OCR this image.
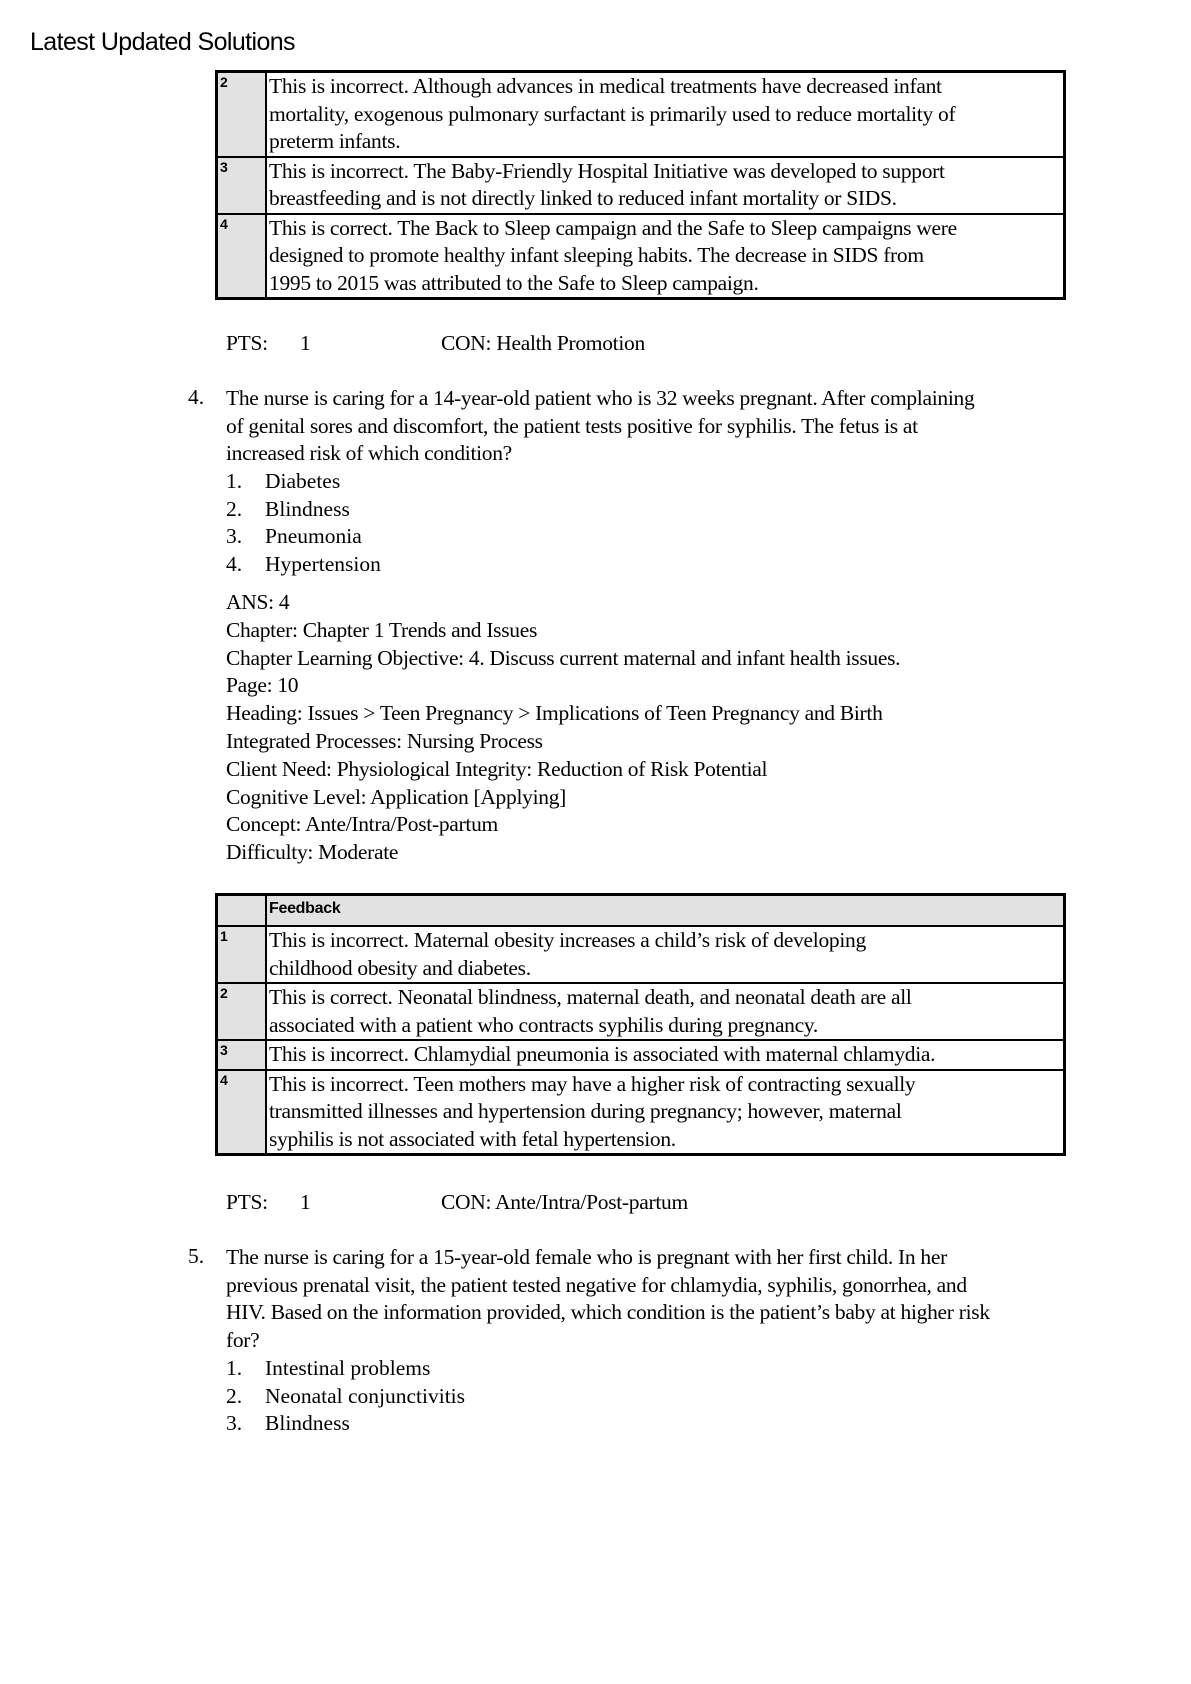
Latest Updated Solutions
2	This is incorrect. Although advances in medical treatments have decreased infant
mortality, exogenous pulmonary surfactant is primarily used to reduce mortality of
preterm infants.

3	This is incorrect. The Baby-Friendly Hospital Initiative was developed to support
breastfeeding and is not directly linked to reduced infant mortality or SIDS.

4	This is correct. The Back to Sleep campaign and the Safe to Sleep campaigns were
designed to promote healthy infant sleeping habits. The decrease in SIDS from
1995 to 2015 was attributed to the Safe to Sleep campaign.
PTS: 1	CON: Health Promotion
4. The nurse is caring for a 14-year-old patient who is 32 weeks pregnant. After complaining
of genital sores and discomfort, the patient tests positive for syphilis. The fetus is at
increased risk of which condition?
1. Diabetes
2. Blindness
3. Pneumonia
4. Hypertension
ANS: 4
Chapter: Chapter 1 Trends and Issues
Chapter Learning Objective: 4. Discuss current maternal and infant health issues.
Page: 10
Heading: Issues > Teen Pregnancy > Implications of Teen Pregnancy and Birth
Integrated Processes: Nursing Process
Client Need: Physiological Integrity: Reduction of Risk Potential
Cognitive Level: Application [Applying]
Concept: Ante/Intra/Post-partum
Difficulty: Moderate
	Feedback
1	This is incorrect. Maternal obesity increases a child’s risk of developing
childhood obesity and diabetes.

2	This is correct. Neonatal blindness, maternal death, and neonatal death are all
associated with a patient who contracts syphilis during pregnancy.

3	This is incorrect. Chlamydial pneumonia is associated with maternal chlamydia.

4	This is incorrect. Teen mothers may have a higher risk of contracting sexually
transmitted illnesses and hypertension during pregnancy; however, maternal
syphilis is not associated with fetal hypertension.
PTS: 1	CON: Ante/Intra/Post-partum
5. The nurse is caring for a 15-year-old female who is pregnant with her first child. In her
previous prenatal visit, the patient tested negative for chlamydia, syphilis, gonorrhea, and
HIV. Based on the information provided, which condition is the patient’s baby at higher risk
for?
1. Intestinal problems
2. Neonatal conjunctivitis
3. Blindness
